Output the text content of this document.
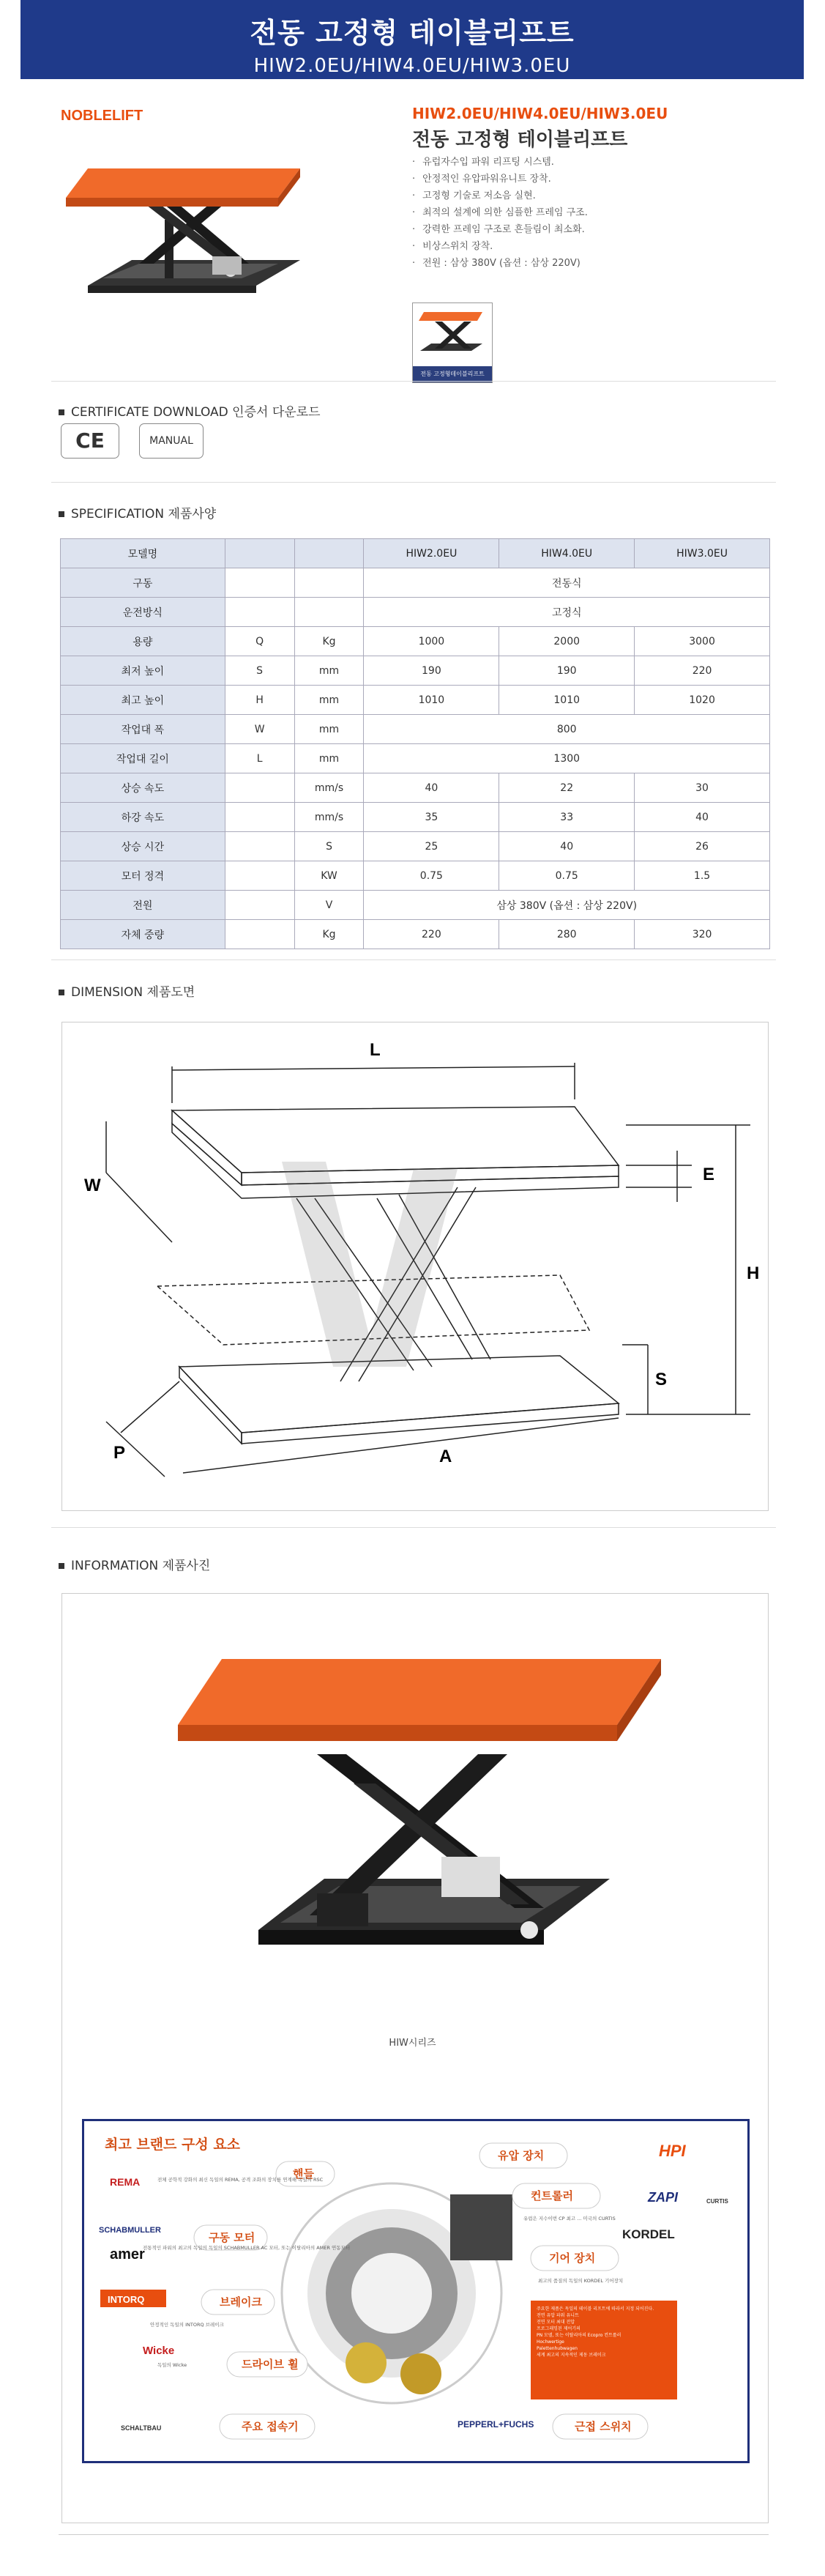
전동 고정형 테이블리프트
HIW2.0EU/HIW4.0EU/HIW3.0EU
NOBLELIFT	HIW2.0EU/HIW4.0EU/HIW3.0EU
전동 고정형 테이블리프트
· 유럽자수입 파워 리프팅 시스템.
· 안정적인 유압파워유니트 장착.
· 고정형 기술로 저소음 실현.
· 최적의 설계에 의한 심플한 프레임 구조.
· 강력한 프레임 구조로 흔들림이 최소화.
· 비상스위치 장착.
· 전원 : 삼상 380V (옵션 : 삼상 220V)
전동 고정형테이블리프트
CERTIFICATE DOWNLOAD 인증서 다운로드
CE	MANUAL
SPECIFICATION 제품사양
모델명			HIW2.0EU	HIW4.0EU	HIW3.0EU
구동			전동식		
운전방식			고정식		
용량	Q	Kg	1000	2000	3000
최저 높이	S	mm	190	190	220
최고 높이	H	mm	1010	1010	1020
작업대 폭	W	mm	800		
작업대 길이	L	mm	1300		
상승 속도		mm/s	40	22	30
하강 속도		mm/s	35	33	40
상승 시간		S	25	40	26
모터 정격		KW	0.75	0.75	1.5
전원		V	삼상 380V (옵션 : 삼상 220V)		
자체 중량		Kg	220	280	320
DIMENSION 제품도면
L
W
E
H
S
P	A
INFORMATION 제품사진
HIW시리즈
최고 브랜드 구성 요소
핸들
유압 장치
컨트롤러
구동 모터
기어 장치
브레이크
드라이브 휠
주요 접속기	근접 스위치
REMA
HPI
ZAPI	CURTIS
SCHABMULLER
amer
KORDEL
INTORQ
Wicke
SCHALTBAU	PEPPERL+FUCHS
전체 공학적 강화의 최신 독일의 REMA, 공격 조화의 장치를 연계해 독일의 RSC
전통적인 파워의 최고의 독일의 독일의 SCHABMULLER AC 모터, 또는 이탈리아의 AMER 연동모터
안정적인 독일의 INTORQ 브레이크
독일의 Wicke
유럽은 지수이번 CP 최고 ... 미국의 CURTIS
최고의 품질의 독일의 KORDEL 기어장치
주요한 제품은 독일의 테이블 리프트에 따라서 지정 되어진다.
전면 유압 파워 유니트
전면 모터 최대 전압
프로그래밍된 제어기의
PN 모델, 또는 이탈리아의 Ecopro 컨트롤러
Hochwertige
Palettenhubwagen
세계 최고의 지속적인 제동 브레이크
